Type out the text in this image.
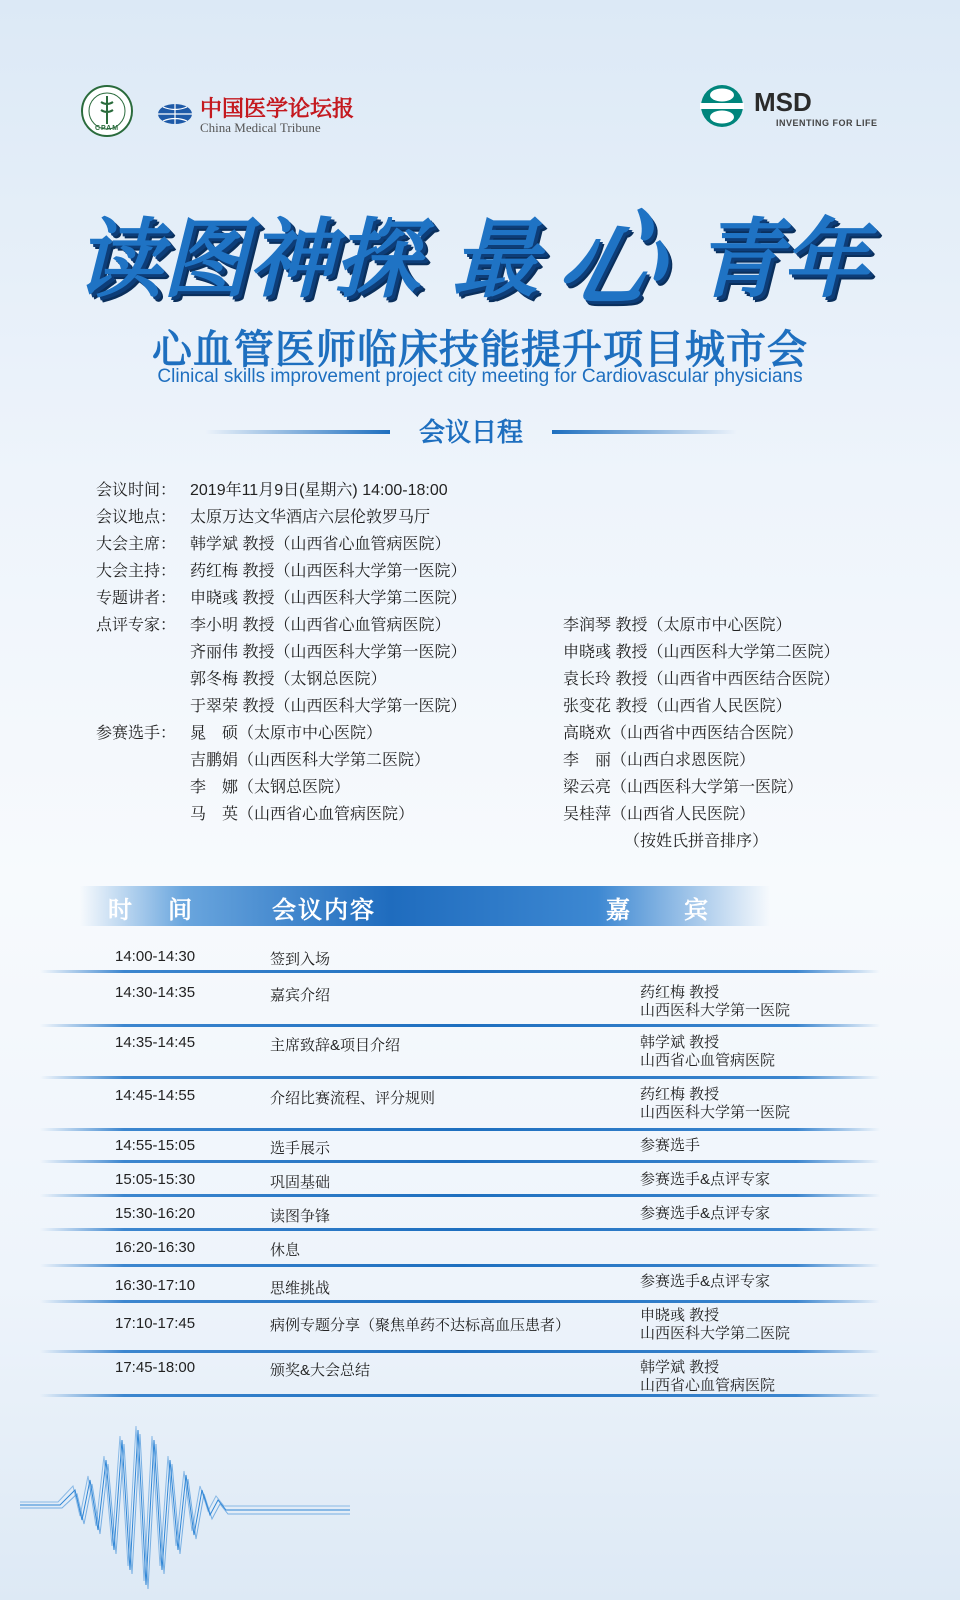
CPAM
中国医学论坛报
China Medical Tribune
MSD
INVENTING FOR LIFE
读 图 神 探 最 心 青 年
心血管医师临床技能提升项目城市会
Clinical skills improvement project city meeting for Cardiovascular physicians
会议日程
会议时间： 2019年11月9日(星期六) 14:00-18:00
会议地点： 太原万达文华酒店六层伦敦罗马厅
大会主席： 韩学斌 教授（山西省心血管病医院）
大会主持： 药红梅 教授（山西医科大学第一医院）
专题讲者： 申晓彧 教授（山西医科大学第二医院）
点评专家： 李小明 教授（山西省心血管病医院）	李润琴 教授（太原市中心医院）
齐丽伟 教授（山西医科大学第一医院）	申晓彧 教授（山西医科大学第二医院）
郭冬梅 教授（太钢总医院）	袁长玲 教授（山西省中西医结合医院）
于翠荣 教授（山西医科大学第一医院）	张变花 教授（山西省人民医院）
参赛选手： 晁　硕（太原市中心医院）	高晓欢（山西省中西医结合医院）
吉鹏娟（山西医科大学第二医院）	李　丽（山西白求恩医院）
李　娜（太钢总医院）	梁云亮（山西医科大学第一医院）
马　英（山西省心血管病医院）	吴桂萍（山西省人民医院）
（按姓氏拼音排序）
时间 会议内容	嘉宾
14:00-14:30	签到入场
14:30-14:35	嘉宾介绍	药红梅 教授
山西医科大学第一医院
14:35-14:45	主席致辞&项目介绍	韩学斌 教授
山西省心血管病医院
14:45-14:55	介绍比赛流程、评分规则	药红梅 教授
山西医科大学第一医院
14:55-15:05	选手展示	参赛选手
15:05-15:30	巩固基础	参赛选手&点评专家
15:30-16:20	读图争锋	参赛选手&点评专家
16:20-16:30	休息
16:30-17:10	思维挑战	参赛选手&点评专家
17:10-17:45	病例专题分享（聚焦单药不达标高血压患者）
申晓彧 教授
山西医科大学第二医院
17:45-18:00	颁奖&大会总结	韩学斌 教授
山西省心血管病医院
